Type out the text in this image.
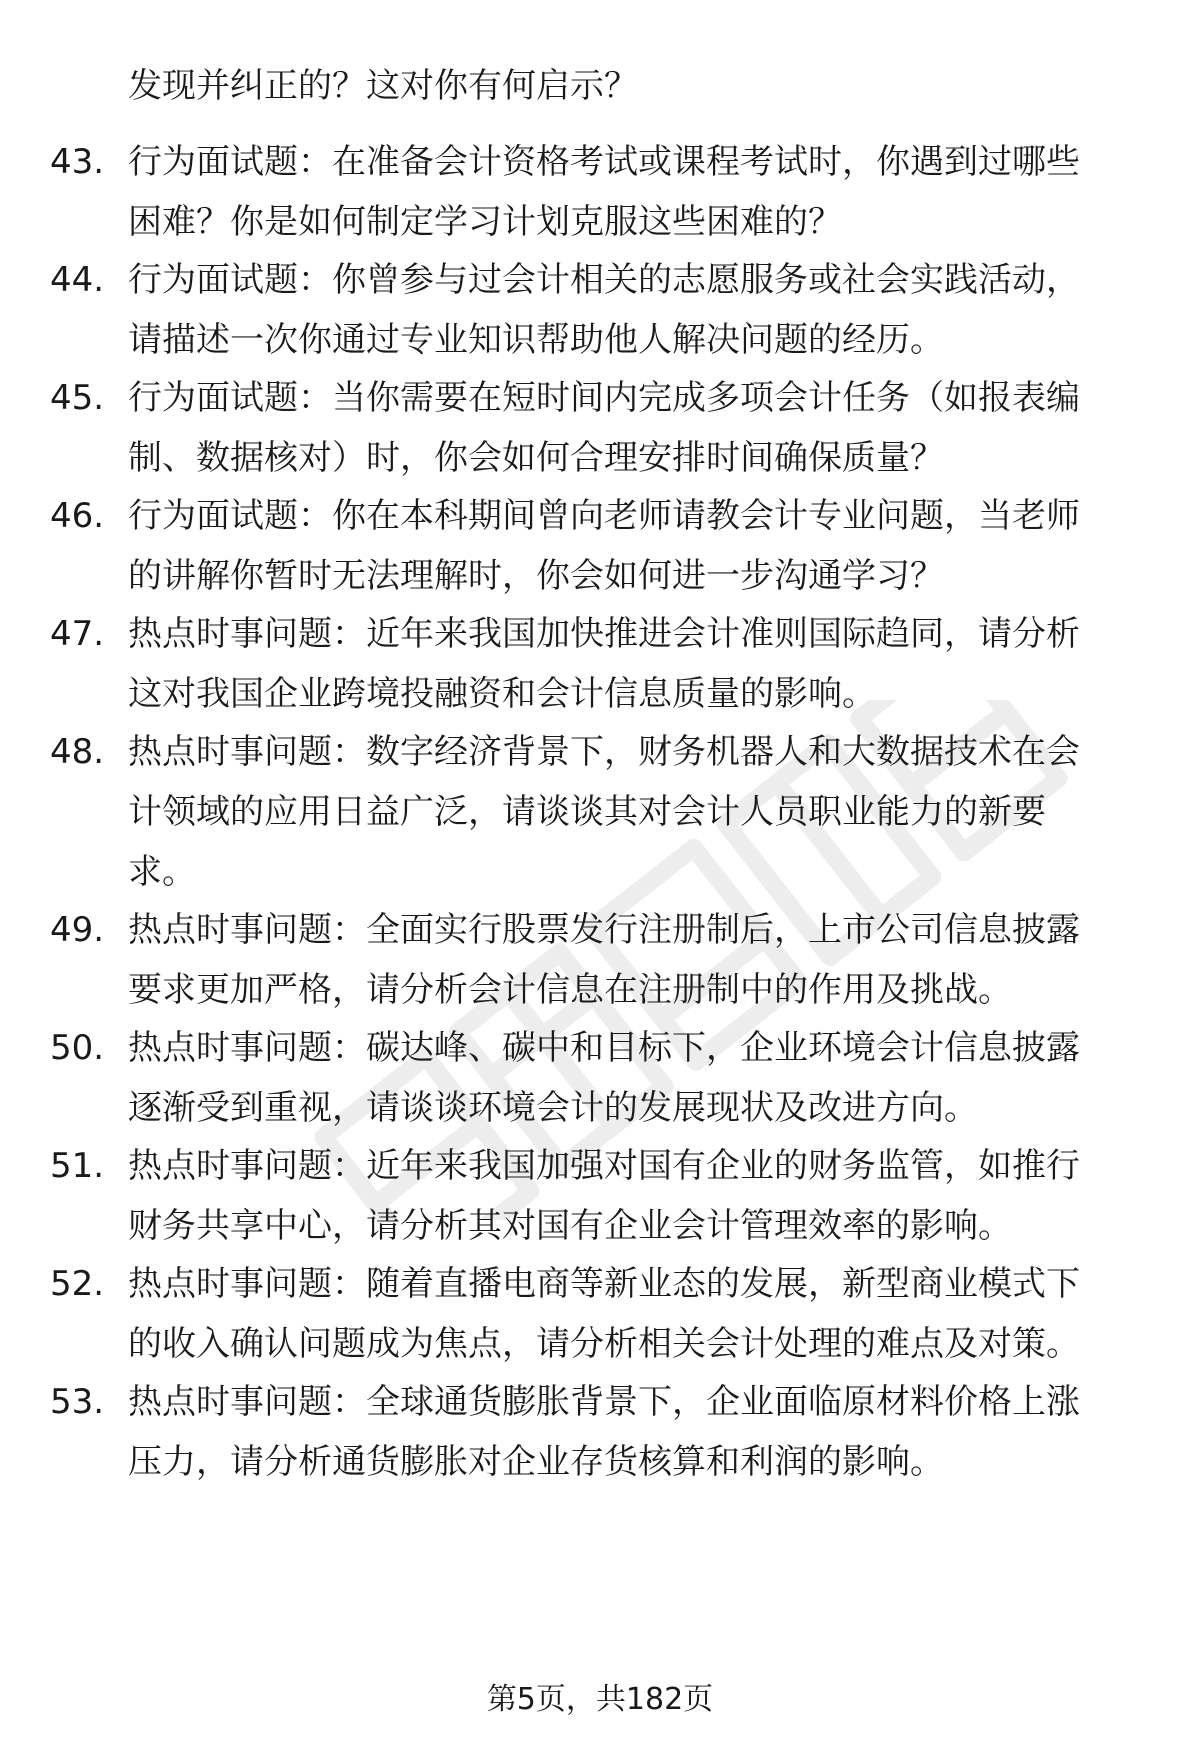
发现并纠正的？这对你有何启示？
43. 行为面试题：在准备会计资格考试或课程考试时，你遇到过哪些
困难？你是如何制定学习计划克服这些困难的？
44. 行为面试题：你曾参与过会计相关的志愿服务或社会实践活动，
请描述一次你通过专业知识帮助他人解决问题的经历。
45. 行为面试题：当你需要在短时间内完成多项会计任务（如报表编
制、数据核对）时，你会如何合理安排时间确保质量？
46. 行为面试题：你在本科期间曾向老师请教会计专业问题，当老师
的讲解你暂时无法理解时，你会如何进一步沟通学习？
47. 热点时事问题：近年来我国加快推进会计准则国际趋同，请分析
这对我国企业跨境投融资和会计信息质量的影响。
48. 热点时事问题：数字经济背景下，财务机器人和大数据技术在会
计领域的应用日益广泛，请谈谈其对会计人员职业能力的新要
求。
49. 热点时事问题：全面实行股票发行注册制后，上市公司信息披露
要求更加严格，请分析会计信息在注册制中的作用及挑战。
50. 热点时事问题：碳达峰、碳中和目标下，企业环境会计信息披露
逐渐受到重视，请谈谈环境会计的发展现状及改进方向。
51. 热点时事问题：近年来我国加强对国有企业的财务监管，如推行
财务共享中心，请分析其对国有企业会计管理效率的影响。
52. 热点时事问题：随着直播电商等新业态的发展，新型商业模式下
的收入确认问题成为焦点，请分析相关会计处理的难点及对策。
53. 热点时事问题：全球通货膨胀背景下，企业面临原材料价格上涨
压力，请分析通货膨胀对企业存货核算和利润的影响。
第5页，共182页
